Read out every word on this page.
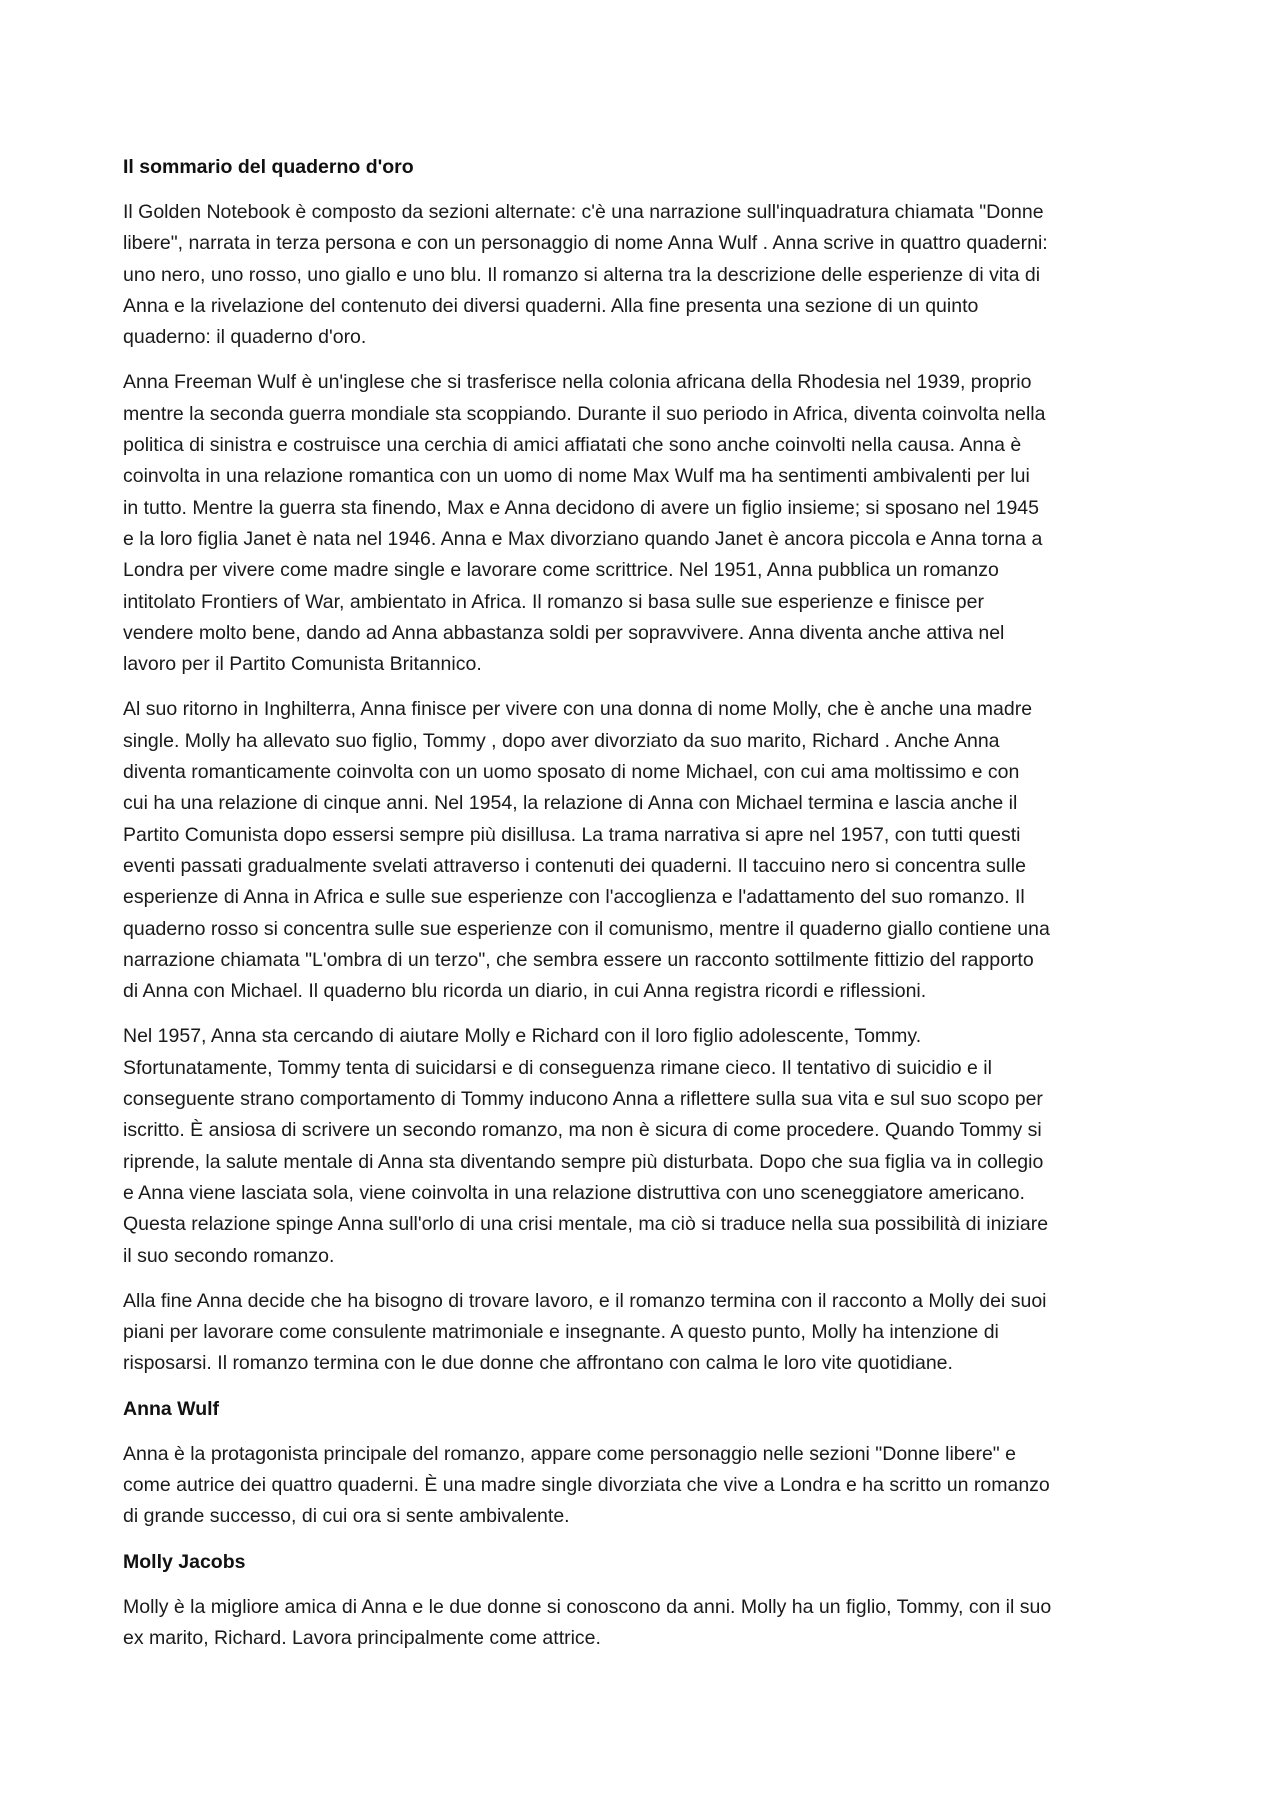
Il sommario del quaderno d'oro
Il Golden Notebook è composto da sezioni alternate: c'è una narrazione sull'inquadratura chiamata "Donne
libere", narrata in terza persona e con un personaggio di nome Anna Wulf . Anna scrive in quattro quaderni:
uno nero, uno rosso, uno giallo e uno blu. Il romanzo si alterna tra la descrizione delle esperienze di vita di
Anna e la rivelazione del contenuto dei diversi quaderni. Alla fine presenta una sezione di un quinto
quaderno: il quaderno d'oro.
Anna Freeman Wulf è un'inglese che si trasferisce nella colonia africana della Rhodesia nel 1939, proprio
mentre la seconda guerra mondiale sta scoppiando. Durante il suo periodo in Africa, diventa coinvolta nella
politica di sinistra e costruisce una cerchia di amici affiatati che sono anche coinvolti nella causa. Anna è
coinvolta in una relazione romantica con un uomo di nome Max Wulf ma ha sentimenti ambivalenti per lui
in tutto. Mentre la guerra sta finendo, Max e Anna decidono di avere un figlio insieme; si sposano nel 1945
e la loro figlia Janet è nata nel 1946. Anna e Max divorziano quando Janet è ancora piccola e Anna torna a
Londra per vivere come madre single e lavorare come scrittrice. Nel 1951, Anna pubblica un romanzo
intitolato Frontiers of War, ambientato in Africa. Il romanzo si basa sulle sue esperienze e finisce per
vendere molto bene, dando ad Anna abbastanza soldi per sopravvivere. Anna diventa anche attiva nel
lavoro per il Partito Comunista Britannico.
Al suo ritorno in Inghilterra, Anna finisce per vivere con una donna di nome Molly, che è anche una madre
single. Molly ha allevato suo figlio, Tommy , dopo aver divorziato da suo marito, Richard . Anche Anna
diventa romanticamente coinvolta con un uomo sposato di nome Michael, con cui ama moltissimo e con
cui ha una relazione di cinque anni. Nel 1954, la relazione di Anna con Michael termina e lascia anche il
Partito Comunista dopo essersi sempre più disillusa. La trama narrativa si apre nel 1957, con tutti questi
eventi passati gradualmente svelati attraverso i contenuti dei quaderni. Il taccuino nero si concentra sulle
esperienze di Anna in Africa e sulle sue esperienze con l'accoglienza e l'adattamento del suo romanzo. Il
quaderno rosso si concentra sulle sue esperienze con il comunismo, mentre il quaderno giallo contiene una
narrazione chiamata "L'ombra di un terzo", che sembra essere un racconto sottilmente fittizio del rapporto
di Anna con Michael. Il quaderno blu ricorda un diario, in cui Anna registra ricordi e riflessioni.
Nel 1957, Anna sta cercando di aiutare Molly e Richard con il loro figlio adolescente, Tommy.
Sfortunatamente, Tommy tenta di suicidarsi e di conseguenza rimane cieco. Il tentativo di suicidio e il
conseguente strano comportamento di Tommy inducono Anna a riflettere sulla sua vita e sul suo scopo per
iscritto. È ansiosa di scrivere un secondo romanzo, ma non è sicura di come procedere. Quando Tommy si
riprende, la salute mentale di Anna sta diventando sempre più disturbata. Dopo che sua figlia va in collegio
e Anna viene lasciata sola, viene coinvolta in una relazione distruttiva con uno sceneggiatore americano.
Questa relazione spinge Anna sull'orlo di una crisi mentale, ma ciò si traduce nella sua possibilità di iniziare
il suo secondo romanzo.
Alla fine Anna decide che ha bisogno di trovare lavoro, e il romanzo termina con il racconto a Molly dei suoi
piani per lavorare come consulente matrimoniale e insegnante. A questo punto, Molly ha intenzione di
risposarsi. Il romanzo termina con le due donne che affrontano con calma le loro vite quotidiane.
Anna Wulf
Anna è la protagonista principale del romanzo, appare come personaggio nelle sezioni "Donne libere" e
come autrice dei quattro quaderni. È una madre single divorziata che vive a Londra e ha scritto un romanzo
di grande successo, di cui ora si sente ambivalente.
Molly Jacobs
Molly è la migliore amica di Anna e le due donne si conoscono da anni. Molly ha un figlio, Tommy, con il suo
ex marito, Richard. Lavora principalmente come attrice.
